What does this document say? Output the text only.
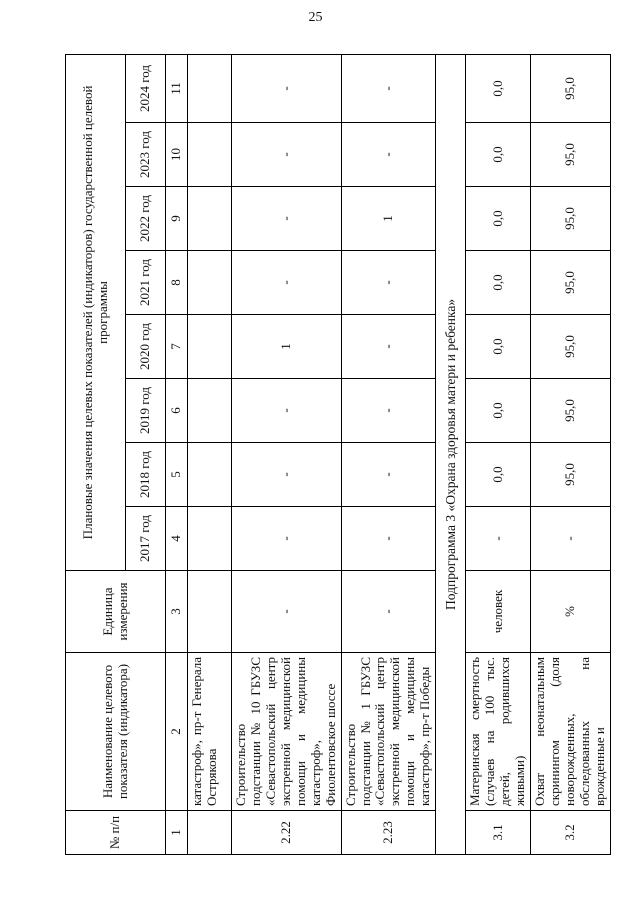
25
№ п/п	Наименование целевого показателя (индикатора)	Единица измерения	Плановые значения целевых показателей (индикаторов) государственной целевой программы							
			2017 год	2018 год	2019 год	2020 год	2021 год	2022 год	2023 год	2024 год
1	2	3	4	5	6	7	8	9	10	11
	катастроф», пр-т Генерала Острякова									
2.22	Строительство подстанции № 10 ГБУЗС «Севастопольский центр экстренной медицинской помощи и медицины катастроф», Фиолентовское шоссе	-	-	-	-	1	-	-	-	-
2.23	Строительство подстанции № 1 ГБУЗС «Севастопольский центр экстренной медицинской помощи и медицины катастроф», пр-т Победы	-	-	-	-	-	-	1	-	-
Подпрограмма 3 «Охрана здоровья матери и ребенка»										
3.1	Материнская смертность (случаев на 100 тыс. детей, родившихся живыми)	человек	-	0,0	0,0	0,0	0,0	0,0	0,0	0,0
3.2	Охват неонатальным скринингом (доля новорожденных, обследованных на врожденные и	%	-	95,0	95,0	95,0	95,0	95,0	95,0	95,0
